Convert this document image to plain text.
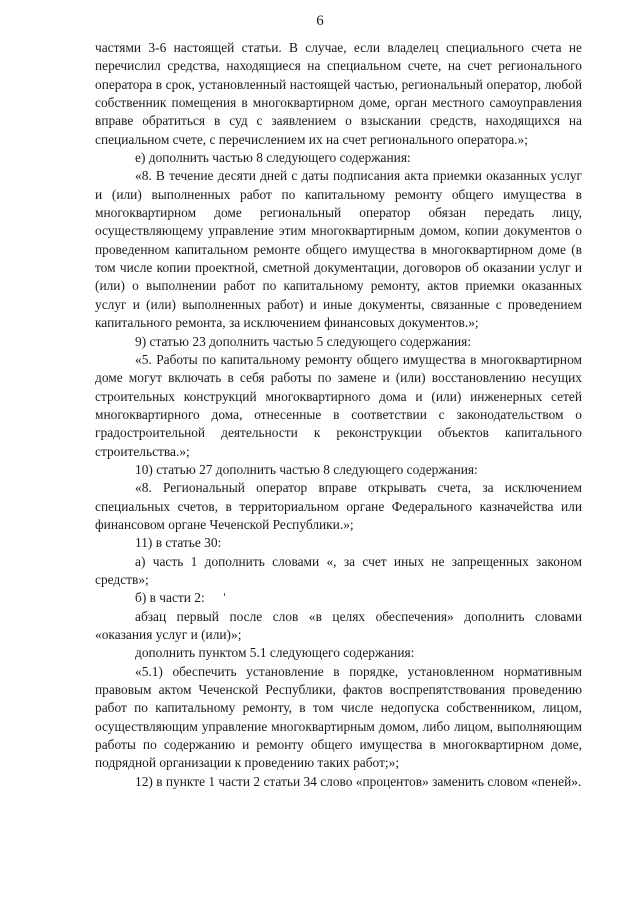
6

частями 3-6 настоящей статьи. В случае, если владелец специального счета не перечислил средства, находящиеся на специальном счете, на счет регионального оператора в срок, установленный настоящей частью, региональный оператор, любой собственник помещения в многоквартирном доме, орган местного самоуправления вправе обратиться в суд с заявлением о взыскании средств, находящихся на специальном счете, с перечислением их на счет регионального оператора.»;

е) дополнить частью 8 следующего содержания:

«8. В течение десяти дней с даты подписания акта приемки оказанных услуг и (или) выполненных работ по капитальному ремонту общего имущества в многоквартирном доме региональный оператор обязан передать лицу, осуществляющему управление этим многоквартирным домом, копии документов о проведенном капитальном ремонте общего имущества в многоквартирном доме (в том числе копии проектной, сметной документации, договоров об оказании услуг и (или) о выполнении работ по капитальному ремонту, актов приемки оказанных услуг и (или) выполненных работ) и иные документы, связанные с проведением капитального ремонта, за исключением финансовых документов.»;

9) статью 23 дополнить частью 5 следующего содержания:

«5. Работы по капитальному ремонту общего имущества в многоквартирном доме могут включать в себя работы по замене и (или) восстановлению несущих строительных конструкций многоквартирного дома и (или) инженерных сетей многоквартирного дома, отнесенные в соответствии с законодательством о градостроительной деятельности к реконструкции объектов капитального строительства.»;

10) статью 27 дополнить частью 8 следующего содержания:

«8. Региональный оператор вправе открывать счета, за исключением специальных счетов, в территориальном органе Федерального казначейства или финансовом органе Чеченской Республики.»;

11) в статье 30:

а) часть 1 дополнить словами «, за счет иных не запрещенных законом средств»;

б) в части 2:

абзац первый после слов «в целях обеспечения» дополнить словами «оказания услуг и (или)»;

дополнить пунктом 5.1 следующего содержания:

«5.1) обеспечить установление в порядке, установленном нормативным правовым актом Чеченской Республики, фактов воспрепятствования проведению работ по капитальному ремонту, в том числе недопуска собственником, лицом, осуществляющим управление многоквартирным домом, либо лицом, выполняющим работы по содержанию и ремонту общего имущества в многоквартирном доме, подрядной организации к проведению таких работ;»;

12) в пункте 1 части 2 статьи 34 слово «процентов» заменить словом «пеней».
